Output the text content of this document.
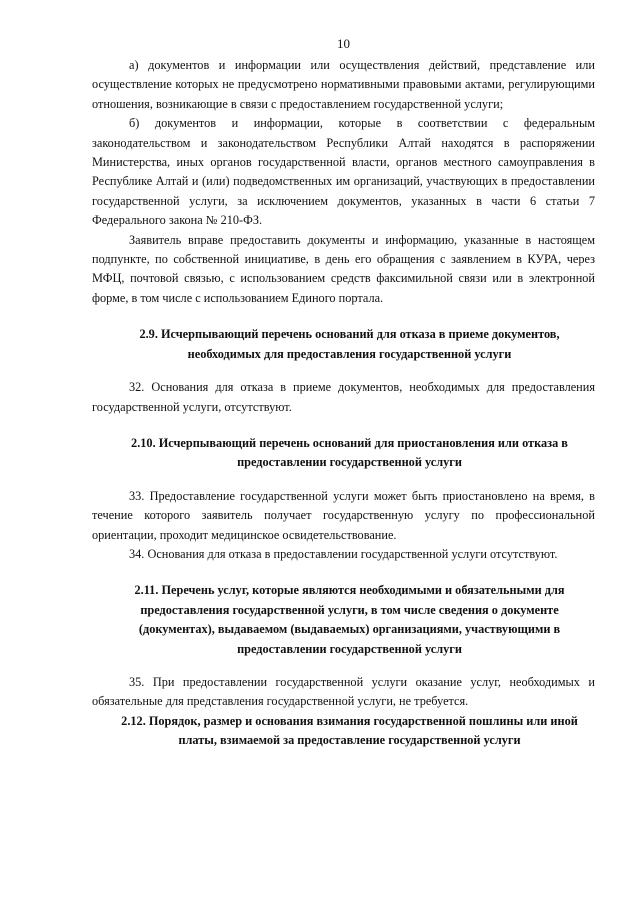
10

а) документов и информации или осуществления действий, представление или осуществление которых не предусмотрено нормативными правовыми актами, регулирующими отношения, возникающие в связи с предоставлением государственной услуги;

б) документов и информации, которые в соответствии с федеральным законодательством и законодательством Республики Алтай находятся в распоряжении Министерства, иных органов государственной власти, органов местного самоуправления в Республике Алтай и (или) подведомственных им организаций, участвующих в предоставлении государственной услуги, за исключением документов, указанных в части 6 статьи 7 Федерального закона № 210-ФЗ.

Заявитель вправе предоставить документы и информацию, указанные в настоящем подпункте, по собственной инициативе, в день его обращения с заявлением в КУРА, через МФЦ, почтовой связью, с использованием средств факсимильной связи или в электронной форме, в том числе с использованием Единого портала.

2.9. Исчерпывающий перечень оснований для отказа в приеме документов, необходимых для предоставления государственной услуги

32. Основания для отказа в приеме документов, необходимых для предоставления государственной услуги, отсутствуют.

2.10. Исчерпывающий перечень оснований для приостановления или отказа в предоставлении государственной услуги

33. Предоставление государственной услуги может быть приостановлено на время, в течение которого заявитель получает государственную услугу по профессиональной ориентации, проходит медицинское освидетельствование.

34. Основания для отказа в предоставлении государственной услуги отсутствуют.

2.11. Перечень услуг, которые являются необходимыми и обязательными для предоставления государственной услуги, в том числе сведения о документе (документах), выдаваемом (выдаваемых) организациями, участвующими в предоставлении государственной услуги

35. При предоставлении государственной услуги оказание услуг, необходимых и обязательные для представления государственной услуги, не требуется.

2.12. Порядок, размер и основания взимания государственной пошлины или иной платы, взимаемой за предоставление государственной услуги
